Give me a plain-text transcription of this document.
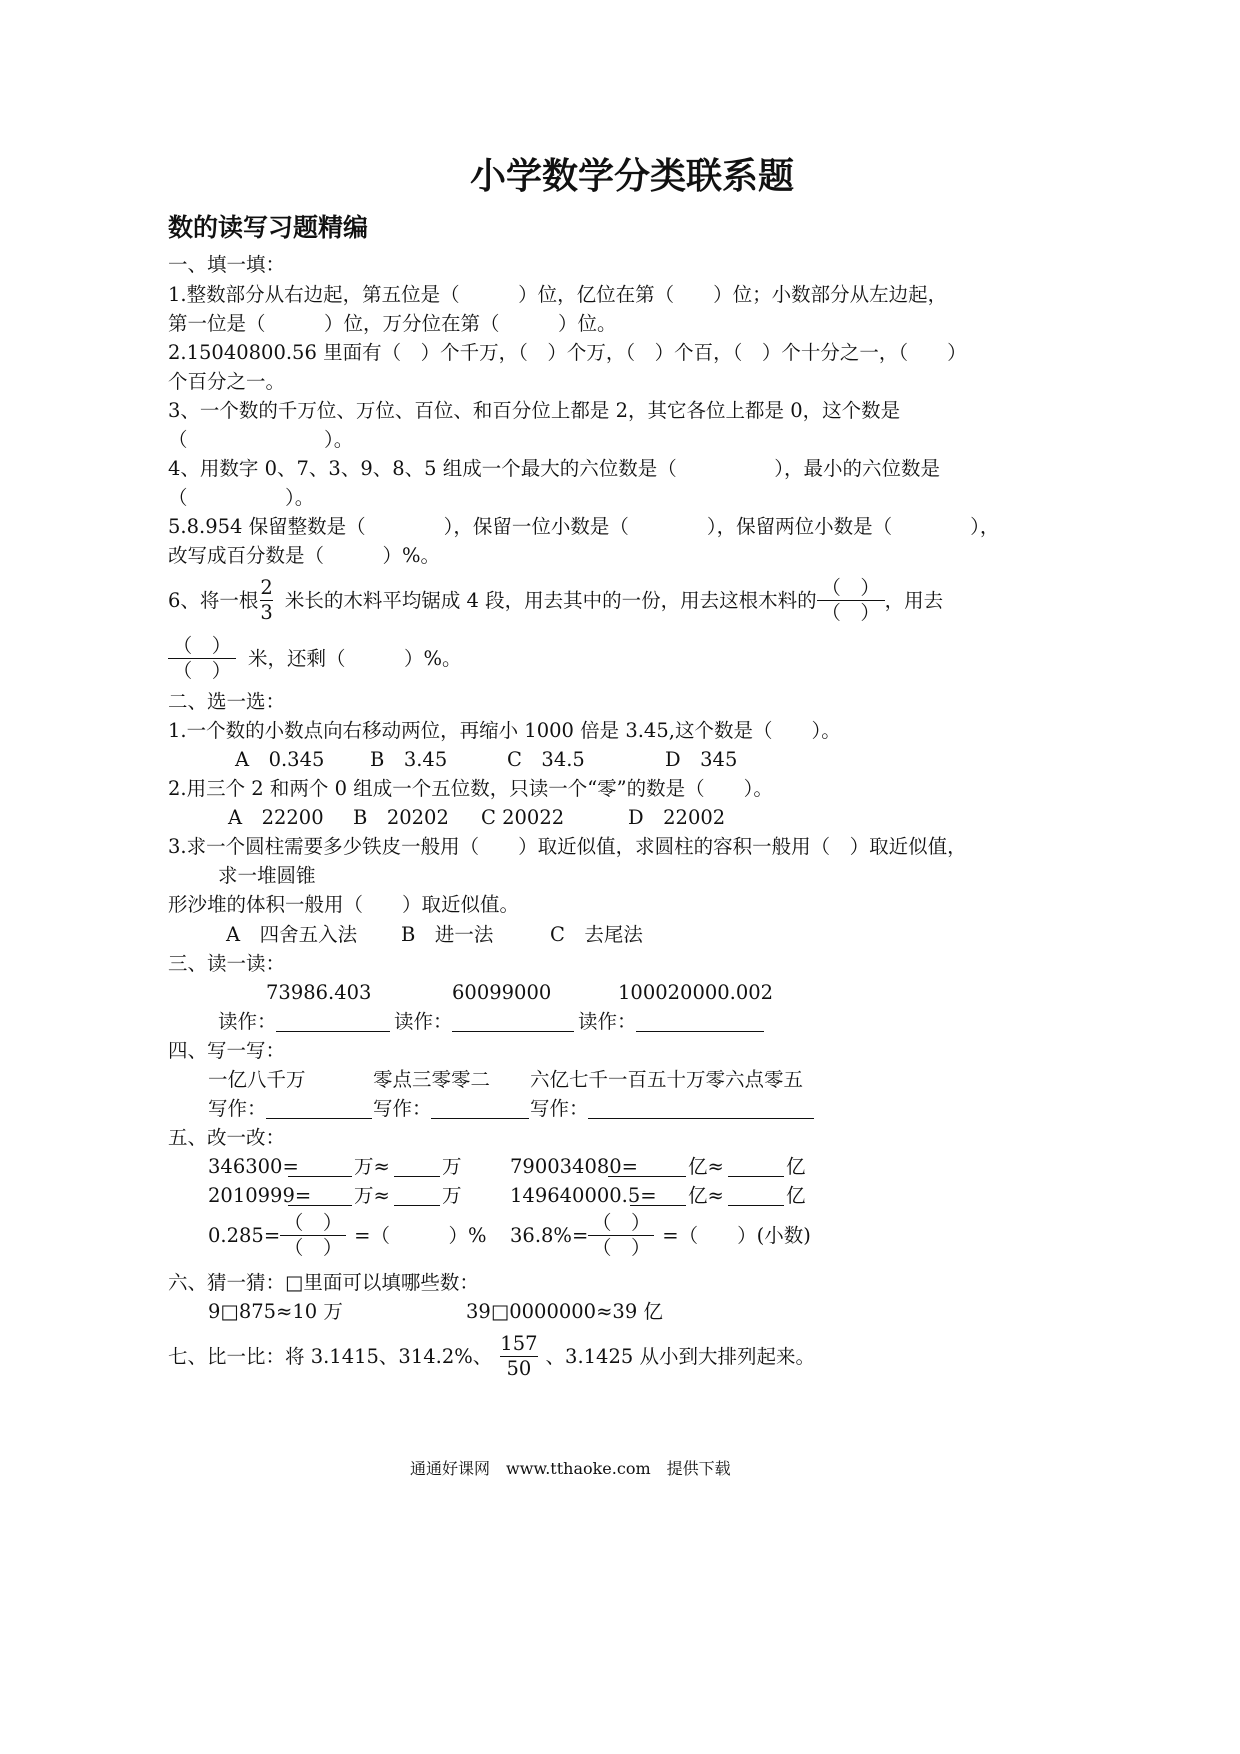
小学数学分类联系题
数的读写习题精编
一、填一填：
1.整数部分从右边起，第五位是（　　　）位，亿位在第（　　）位；小数部分从左边起，
第一位是（　　　）位，万分位在第（　　　）位。
2.15040800.56 里面有（　）个千万，（　）个万，（　）个百，（　）个十分之一，（　　）
个百分之一。
3、一个数的千万位、万位、百位、和百分位上都是 2，其它各位上都是 0，这个数是
（　　　　　　　）。
4、用数字 0、7、3、9、8、5 组成一个最大的六位数是（　　　　　），最小的六位数是
（　　　　　）。
5.8.954 保留整数是（　　　　），保留一位小数是（　　　　），保留两位小数是（　　　　），
改写成百分数是（　　　）%。
6、将一根 $\frac{2}{3}$ 米长的木料平均锯成 4 段，用去其中的一份，用去这根木料的 $\frac{( )}{( )}$ ，用去
$\frac{( )}{( )}$ 米，还剩（　　　）%。
二、选一选：
1.一个数的小数点向右移动两位，再缩小 1000 倍是 3.45,这个数是（　　）。
A　0.345 B　3.45	C　34.5	D　345
2.用三个 2 和两个 0 组成一个五位数，只读一个“零”的数是（　　）。
A　22200 B　20202 C 20022	D　22002
3.求一个圆柱需要多少铁皮一般用（　　）取近似值，求圆柱的容积一般用（　）取近似值，
求一堆圆锥
形沙堆的体积一般用（　　）取近似值。
A　四舍五入法 B　进一法	C　去尾法
三、读一读：
73986.403	60099000	100020000.002
读作：	读作：	读作：
四、写一写：
一亿八千万	零点三零零二 六亿七千一百五十万零六点零五
写作：	写作：	写作：
五、改一改：
346300=	万≈	万 790034080=	亿≈	亿
2010999= 万≈	万 149640000.5= 亿≈	亿
$0.285= \frac{( )}{( )}$ =（　　　）% $36.8\%= \frac{( )}{( )}$ =（　　）(小数)
六、猜一猜：□里面可以填哪些数：
9□875≈10 万	39□0000000≈39 亿
七、比一比：将 3.1415、314.2%、 $\frac{157}{50}$ 、3.1425 从小到大排列起来。
通通好课网　www.tthaoke.com　提供下载
